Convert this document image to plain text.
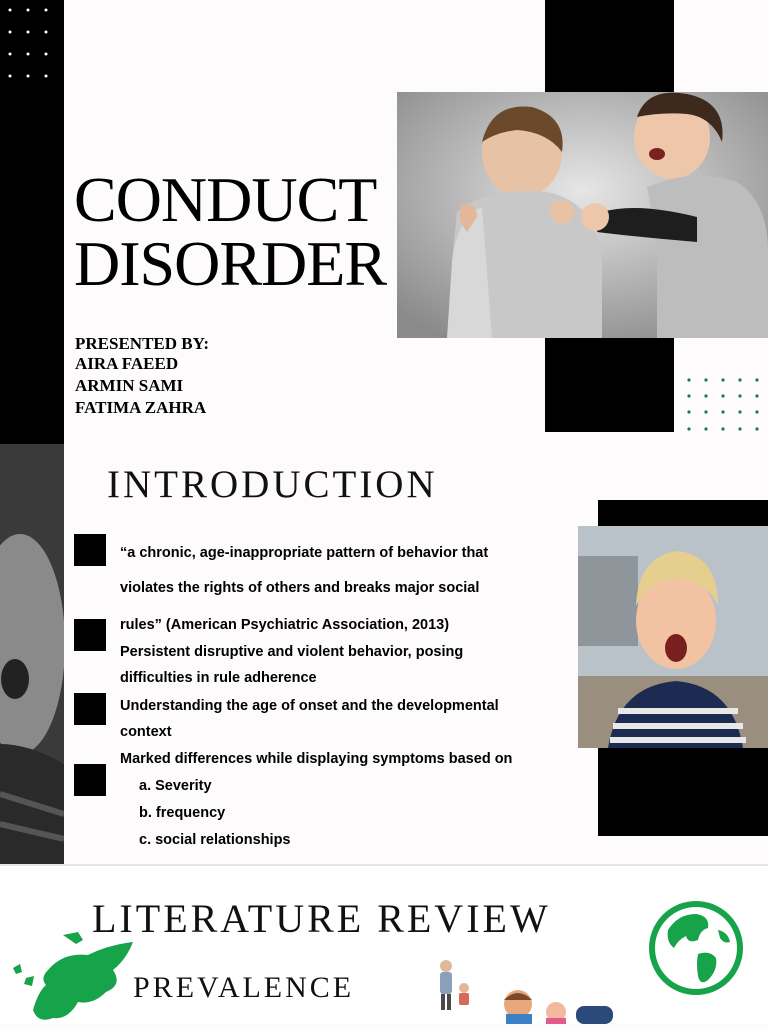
CONDUCT
DISORDER
PRESENTED BY:
AIRA FAEED
ARMIN SAMI
FATIMA ZAHRA
INTRODUCTION
“a chronic, age-inappropriate pattern of behavior that
violates the rights of others and breaks major social
rules” (American Psychiatric Association, 2013)
Persistent disruptive and violent behavior, posing
difficulties in rule adherence
Understanding the age of onset and the developmental
context
Marked differences while displaying symptoms based on
a. Severity
b. frequency
c. social relationships
LITERATURE REVIEW
PREVALENCE
